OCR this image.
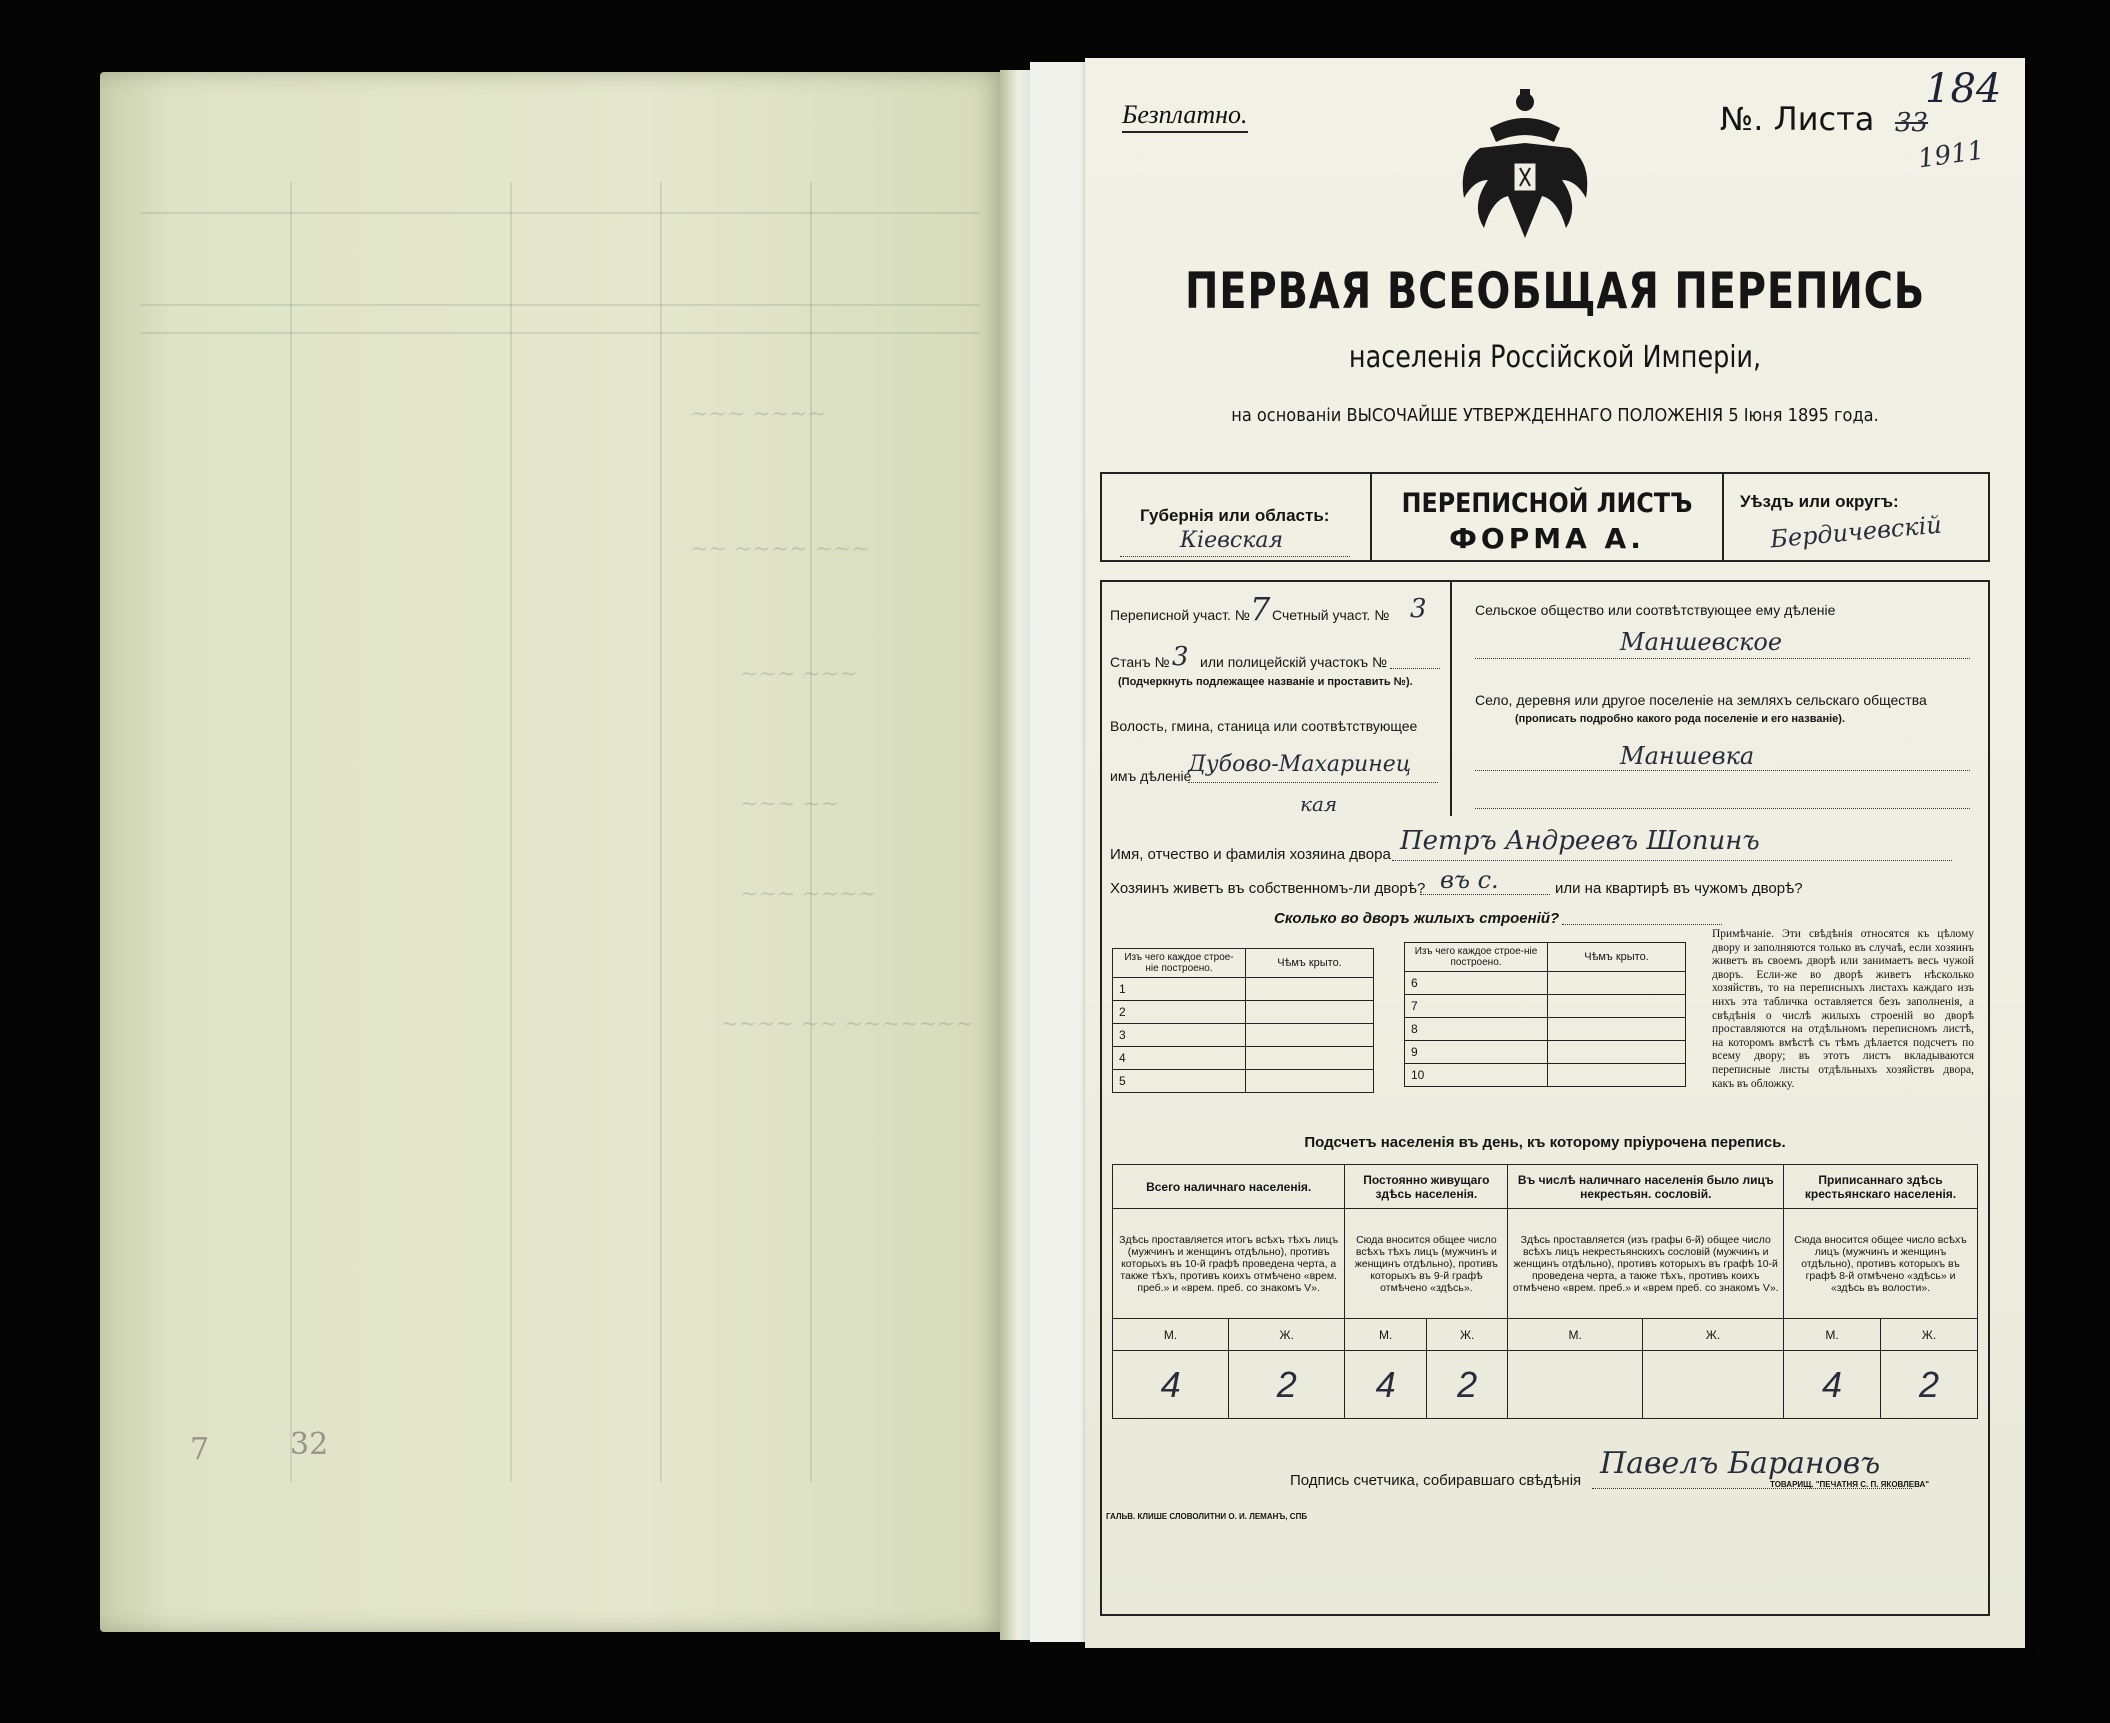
~~~ ~~~~
~~ ~~~~ ~~~
~~~ ~~~
~~~ ~~
~~~ ~~~~
~~~~ ~~ ~~~~~~~
7	32
Безплатно.	№. Листа 33
184
1911
ПЕРВАЯ ВСЕОБЩАЯ ПЕРЕПИСЬ
населенія Россійской Имперіи,
на основаніи ВЫСОЧАЙШЕ УТВЕРЖДЕННАГО ПОЛОЖЕНІЯ 5 Іюня 1895 года.
Губернія или область:
Кіевская
ПЕРЕПИСНОЙ ЛИСТЪ
ФОРМА А.
Уѣздъ или округъ:
Бердичевскій
Переписной участ. № 7 Счетный участ. № 3
Станъ № 3 или полицейскій участокъ №
(Подчеркнуть подлежащее названіе и проставить №).
Волость, гмина, станица или соотвѣтствующее
имъ дѣленіе
Дубово-Махаринец
кая
Сельское общество или соотвѣтствующее ему дѣленіе
Маншевское
Село, деревня или другое поселеніе на земляхъ сельскаго общества
(прописать подробно какого рода поселеніе и его названіе).
Маншевка
Имя, отчество и фамилія хозяина двора Петръ Андреевъ Шопинъ
Хозяинъ живетъ въ собственномъ-ли дворѣ? въ с.	или на квартирѣ въ чужомъ дворѣ?
Сколько во дворъ жилыхъ строеній?
Изъ чего каждое строе-ніе построено.	Чѣмъ крыто.
1	
2	
3	
4	
5	
Изъ чего каждое строе-ніе построено.	Чѣмъ крыто.
6	
7	
8	
9	
10	
Примѣчаніе. Эти свѣдѣнія относятся къ цѣлому двору и заполняются только въ случаѣ, если хозяинъ живетъ въ своемъ дворѣ или занимаетъ весь чужой дворъ. Если-же во дворѣ живетъ нѣсколько хозяйствъ, то на переписныхъ листахъ каждаго изъ нихъ эта табличка оставляется безъ заполненія, а свѣдѣнія о числѣ жилыхъ строеній во дворѣ проставляются на отдѣльномъ переписномъ листѣ, на которомъ вмѣстѣ съ тѣмъ дѣлается подсчетъ по всему двору; въ этотъ листъ вкладываются переписные листы отдѣльныхъ хозяйствъ двора, какъ въ обложку.
Подсчетъ населенія въ день, къ которому пріурочена перепись.
Всего наличнаго населенія.		Постоянно живущаго здѣсь населенія.		Въ числѣ наличнаго населенія было лицъ некрестьян. сословій.		Приписаннаго здѣсь крестьянскаго населенія.	
Здѣсь проставляется итогъ всѣхъ тѣхъ лицъ (мужчинъ и женщинъ отдѣльно), противъ которыхъ въ 10-й графѣ проведена черта, а также тѣхъ, противъ коихъ отмѣчено «врем. преб.» и «врем. преб. со знакомъ V».		Сюда вносится общее число всѣхъ тѣхъ лицъ (мужчинъ и женщинъ отдѣльно), противъ которыхъ въ 9-й графѣ отмѣчено «здѣсь».		Здѣсь проставляется (изъ графы 6-й) общее число всѣхъ лицъ некрестьянскихъ сословій (мужчинъ и женщинъ отдѣльно), противъ которыхъ въ графѣ 10-й проведена черта, а также тѣхъ, противъ коихъ отмѣчено «врем. преб.» и «врем преб. со знакомъ V».		Сюда вносится общее число всѣхъ лицъ (мужчинъ и женщинъ отдѣльно), противъ которыхъ въ графѣ 8-й отмѣчено «здѣсь» и «здѣсь въ волости».	
М.	Ж.	М.	Ж.	М.	Ж.	М.	Ж.
4	2	4	2			4	2
Подпись счетчика, собиравшаго свѣдѣнія Павелъ Барановъ
ГАЛЬВ. КЛИШЕ СЛОВОЛИТНИ О. И. ЛЕМАНЪ, СПБ
ТОВАРИЩ. "ПЕЧАТНЯ С. П. ЯКОВЛЕВА"
